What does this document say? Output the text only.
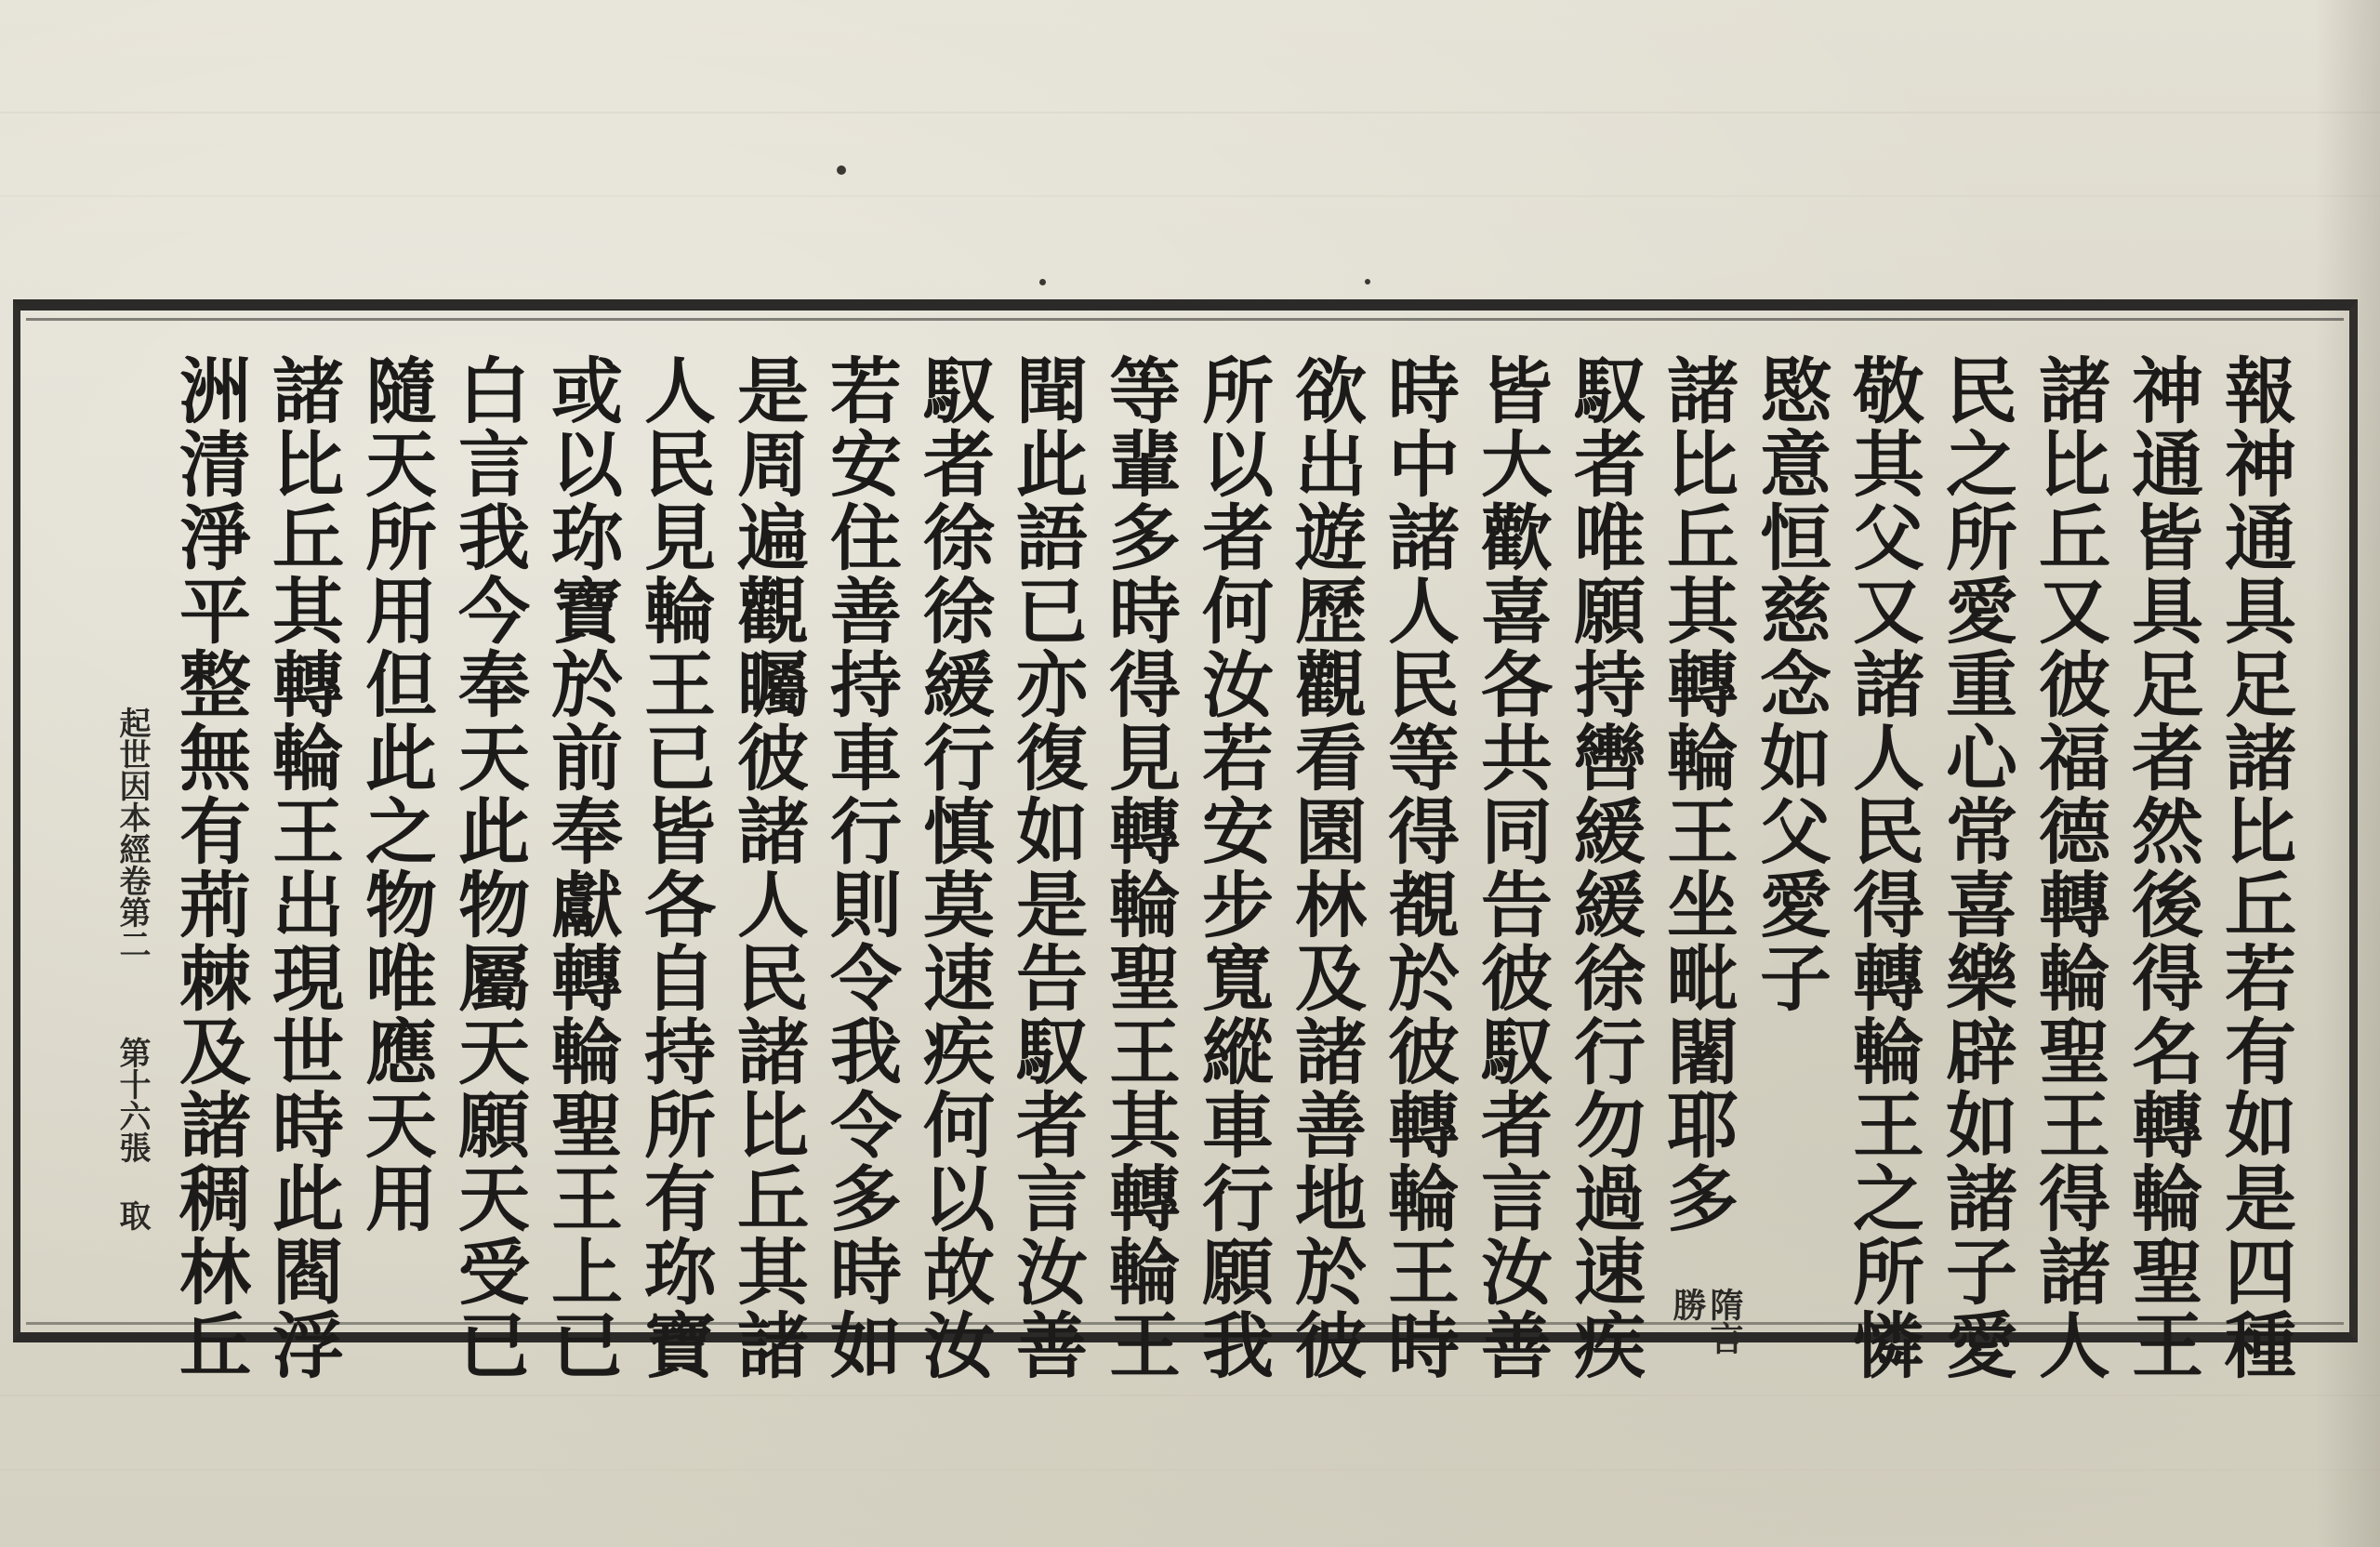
報神通具足諸比丘若有如是四種
神通皆具足者然後得名轉輪聖王
諸比丘又彼福德轉輪聖王得諸人
民之所愛重心常喜樂辟如諸子愛
敬其父又諸人民得轉輪王之所憐
愍意恒慈念如父愛子
諸比丘其轉輪王坐毗闍耶多
隋言
勝
馭者唯願持轡緩緩徐行勿過速疾
皆大歡喜各共同告彼馭者言汝善
時中諸人民等得覩於彼轉輪王時
欲出遊歷觀看園林及諸善地於彼
所以者何汝若安步寬縱車行願我
等輩多時得見轉輪聖王其轉輪王
聞此語已亦復如是告馭者言汝善
馭者徐徐緩行慎莫速疾何以故汝
若安住善持車行則令我令多時如
是周遍觀矚彼諸人民諸比丘其諸
人民見輪王已皆各自持所有珎寶
或以珎寶於前奉獻轉輪聖王上已
白言我今奉天此物屬天願天受已
隨天所用但此之物唯應天用
諸比丘其轉輪王出現世時此閻浮
洲清淨平整無有荊棘及諸稠林丘
起世因本經卷第二
第十六張
取
